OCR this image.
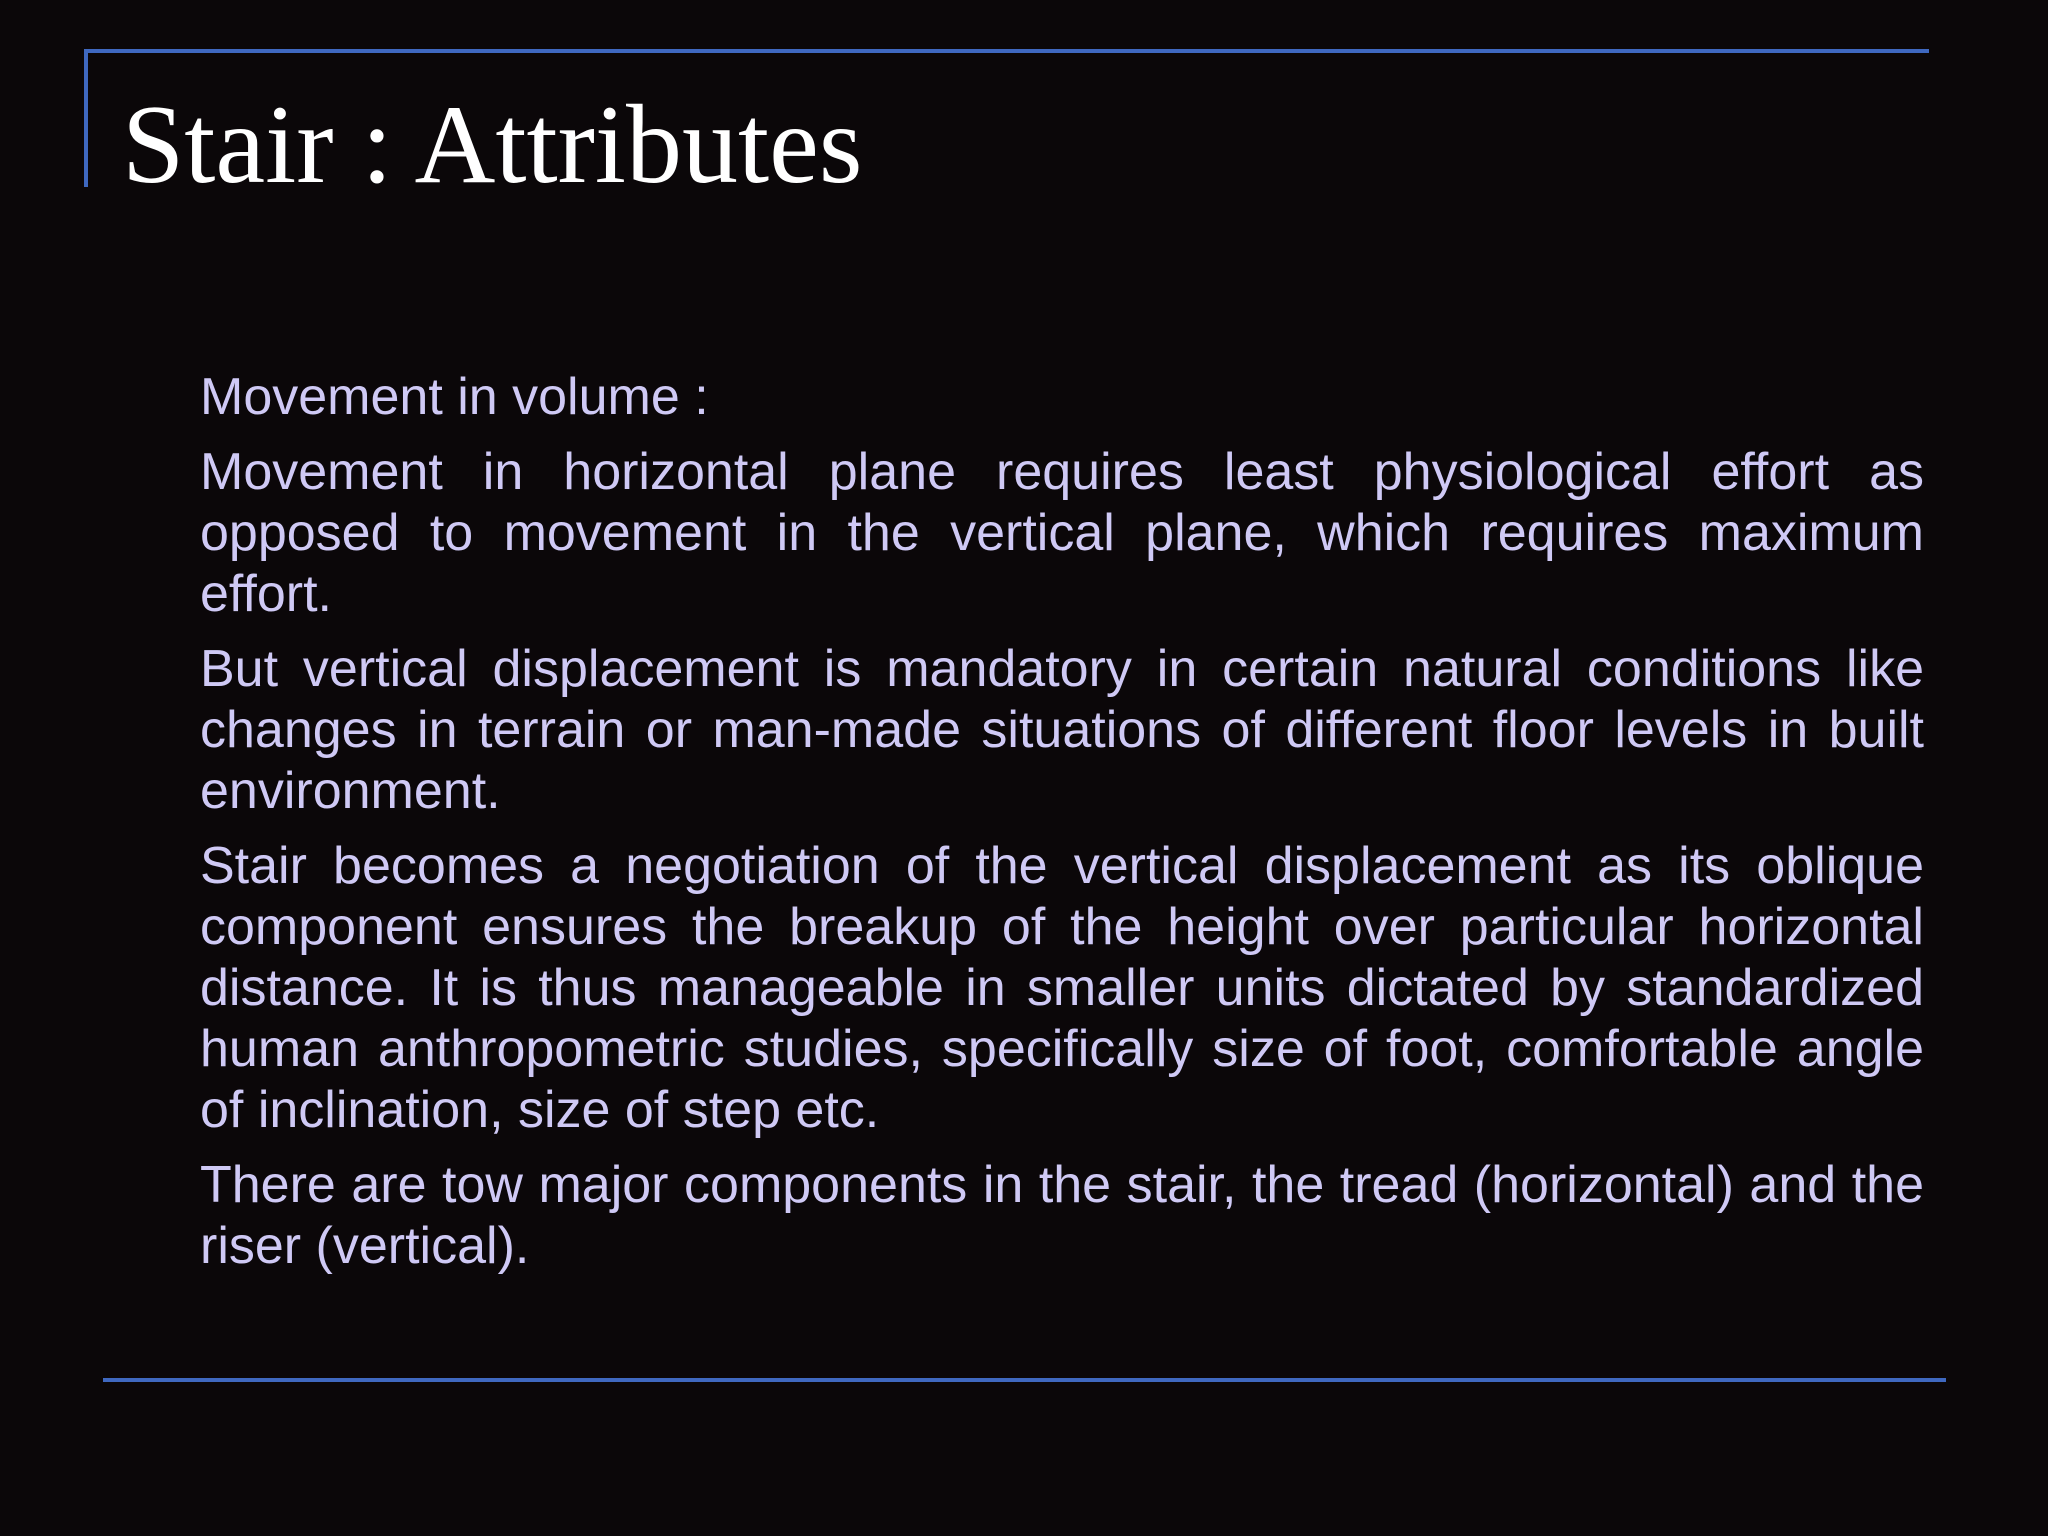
Stair : Attributes

Movement in volume :

Movement in horizontal plane requires least physiological effort as opposed to movement in the vertical plane, which requires maximum effort.

But vertical displacement is mandatory in certain natural conditions like changes in terrain or man-made situations of different floor levels in built environment.

Stair becomes a negotiation of the vertical displacement as its oblique component ensures the breakup of the height over particular horizontal distance. It is thus manageable in smaller units dictated by standardized human anthropometric studies, specifically size of foot, comfortable angle of inclination, size of step etc.

There are tow major components in the stair, the tread (horizontal) and the riser (vertical).
